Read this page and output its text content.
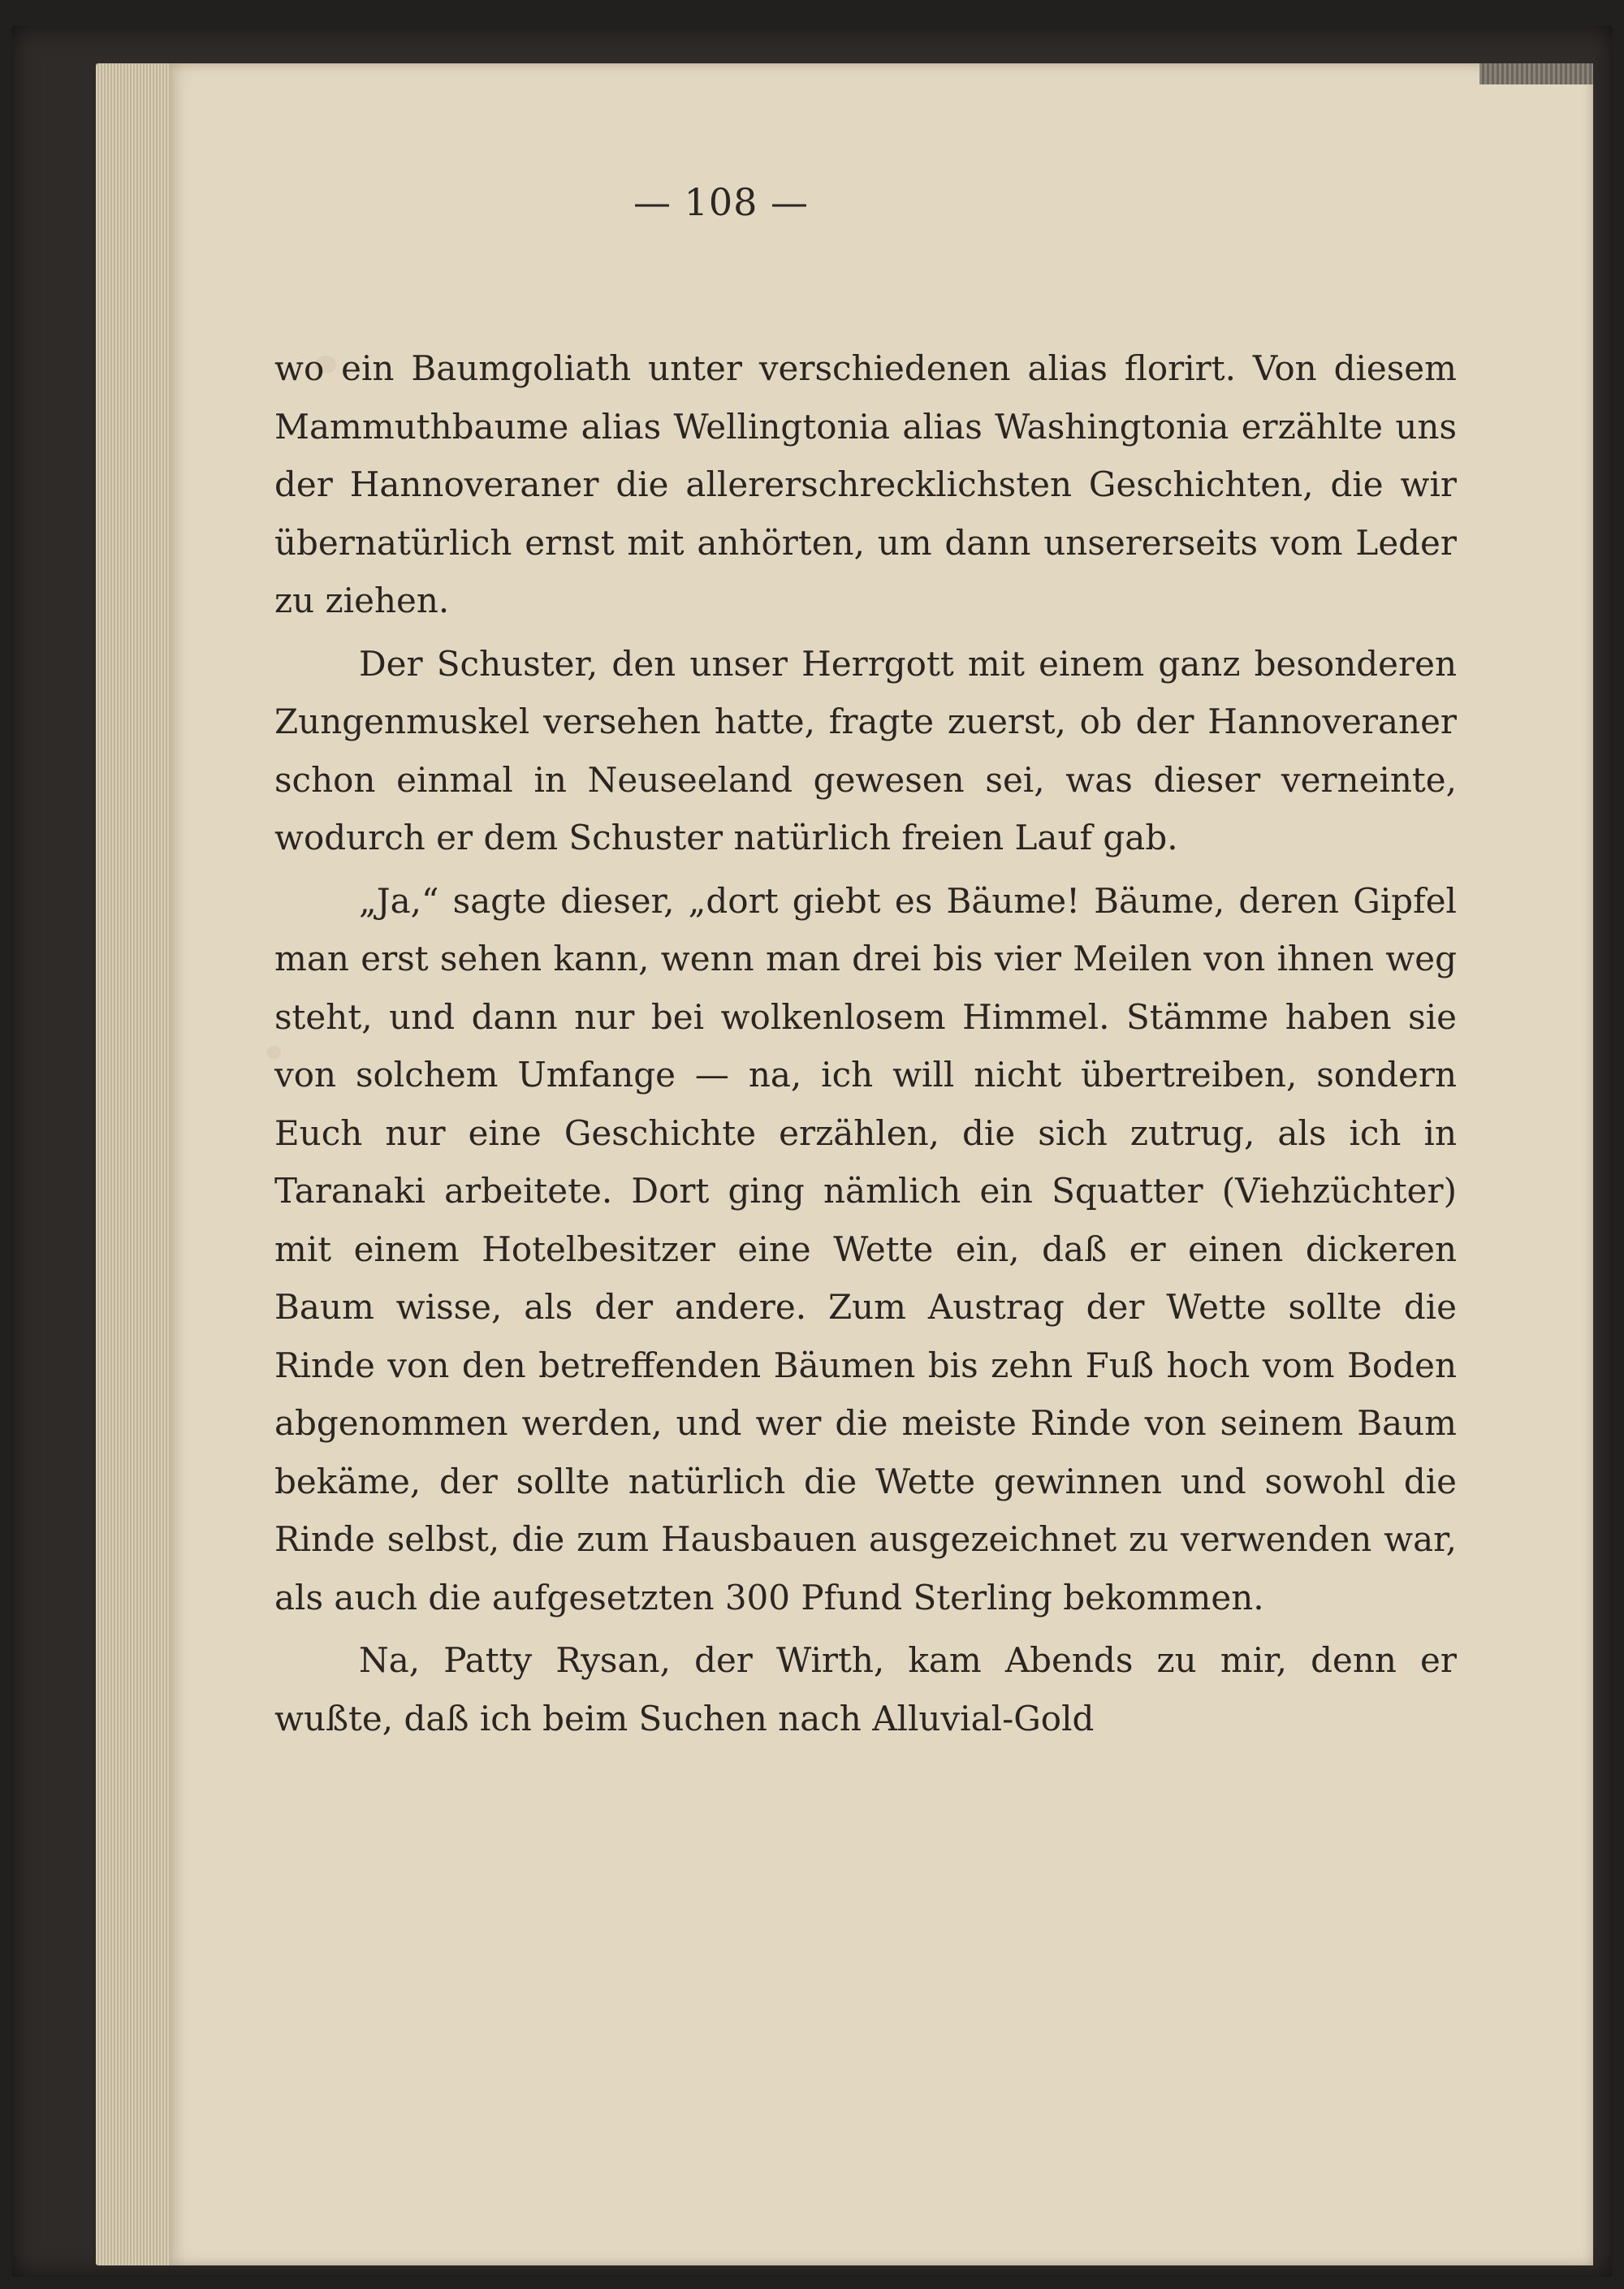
— 108 —

wo ein Baumgoliath unter verschiedenen alias florirt. Von diesem Mammuthbaume alias Wellingtonia alias Washingtonia erzählte uns der Hannoveraner die allererschrecklichsten Geschichten, die wir übernatürlich ernst mit anhörten, um dann unsererseits vom Leder zu ziehen.

Der Schuster, den unser Herrgott mit einem ganz besonderen Zungenmuskel versehen hatte, fragte zuerst, ob der Hannoveraner schon einmal in Neuseeland gewesen sei, was dieser verneinte, wodurch er dem Schuster natürlich freien Lauf gab.

„Ja,“ sagte dieser, „dort giebt es Bäume! Bäume, deren Gipfel man erst sehen kann, wenn man drei bis vier Meilen von ihnen weg steht, und dann nur bei wolkenlosem Himmel. Stämme haben sie von solchem Umfange — na, ich will nicht übertreiben, sondern Euch nur eine Geschichte erzählen, die sich zutrug, als ich in Taranaki arbeitete. Dort ging nämlich ein Squatter (Viehzüchter) mit einem Hotelbesitzer eine Wette ein, daß er einen dickeren Baum wisse, als der andere. Zum Austrag der Wette sollte die Rinde von den betreffenden Bäumen bis zehn Fuß hoch vom Boden abgenommen werden, und wer die meiste Rinde von seinem Baum bekäme, der sollte natürlich die Wette gewinnen und sowohl die Rinde selbst, die zum Hausbauen ausgezeichnet zu verwenden war, als auch die aufgesetzten 300 Pfund Sterling bekommen.

Na, Patty Rysan, der Wirth, kam Abends zu mir, denn er wußte, daß ich beim Suchen nach Alluvial-Gold
